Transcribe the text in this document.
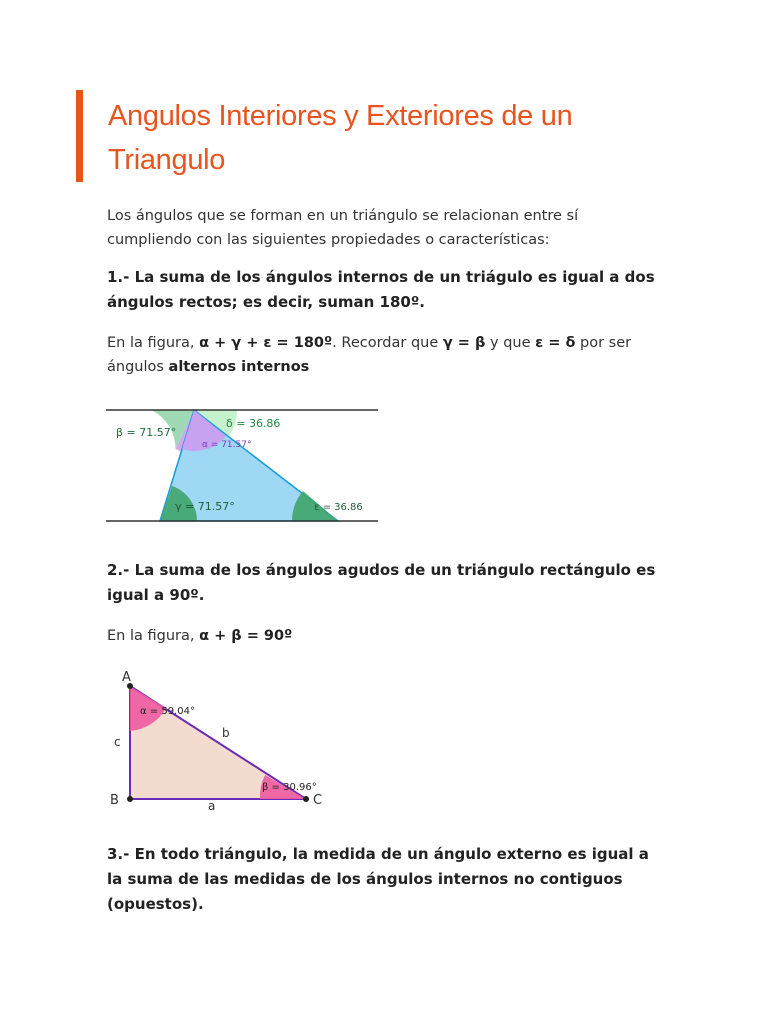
Angulos Interiores y Exteriores de un Triangulo

Los ángulos que se forman en un triángulo se relacionan entre sí cumpliendo con las siguientes propiedades o características:

1.- La suma de los ángulos internos de un triágulo es igual a dos ángulos rectos; es decir, suman 180º.

En la figura, α + γ + ε = 180º. Recordar que γ = β y que ε = δ por ser ángulos alternos internos

β = 71.57°
δ = 36.86
α = 71.57°
γ = 71.57°	ε = 36.86

2.- La suma de los ángulos agudos de un triángulo rectángulo es igual a 90º.

En la figura, α + β = 90º

A
B	C
a
b
c
α = 59.04°
β = 30.96°

3.- En todo triángulo, la medida de un ángulo externo es igual a la suma de las medidas de los ángulos internos no contiguos (opuestos).
